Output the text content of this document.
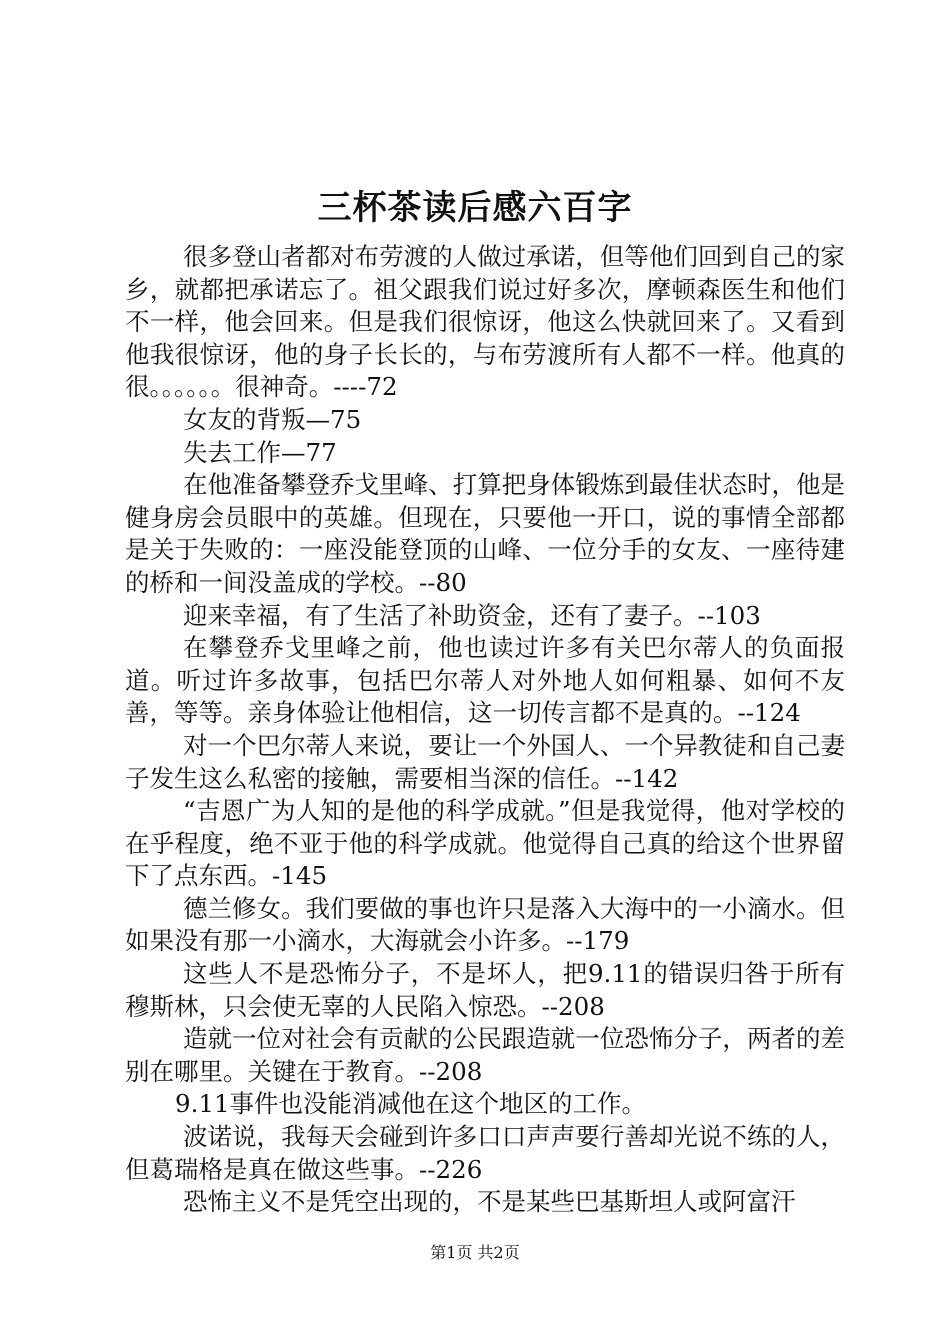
三杯茶读后感六百字

很多登山者都对布劳渡的人做过承诺，但等他们回到自己的家乡，就都把承诺忘了。祖父跟我们说过好多次，摩顿森医生和他们不一样，他会回来。但是我们很惊讶，他这么快就回来了。又看到他我很惊讶，他的身子长长的，与布劳渡所有人都不一样。他真的很。。。。。。很神奇。----72

女友的背叛—75

失去工作—77

在他准备攀登乔戈里峰、打算把身体锻炼到最佳状态时，他是健身房会员眼中的英雄。但现在，只要他一开口，说的事情全部都是关于失败的：一座没能登顶的山峰、一位分手的女友、一座待建的桥和一间没盖成的学校。--80

迎来幸福，有了生活了补助资金，还有了妻子。--103

在攀登乔戈里峰之前，他也读过许多有关巴尔蒂人的负面报道。听过许多故事，包括巴尔蒂人对外地人如何粗暴、如何不友善，等等。亲身体验让他相信，这一切传言都不是真的。--124

对一个巴尔蒂人来说，要让一个外国人、一个异教徒和自己妻子发生这么私密的接触，需要相当深的信任。--142

“吉恩广为人知的是他的科学成就。”但是我觉得，他对学校的在乎程度，绝不亚于他的科学成就。他觉得自己真的给这个世界留下了点东西。-145

德兰修女。我们要做的事也许只是落入大海中的一小滴水。但如果没有那一小滴水，大海就会小许多。--179

这些人不是恐怖分子，不是坏人，把9.11的错误归咎于所有穆斯林，只会使无辜的人民陷入惊恐。--208

造就一位对社会有贡献的公民跟造就一位恐怖分子，两者的差别在哪里。关键在于教育。--208

9.11事件也没能消减他在这个地区的工作。

波诺说，我每天会碰到许多口口声声要行善却光说不练的人，但葛瑞格是真在做这些事。--226

恐怖主义不是凭空出现的，不是某些巴基斯坦人或阿富汗

第1页 共2页
